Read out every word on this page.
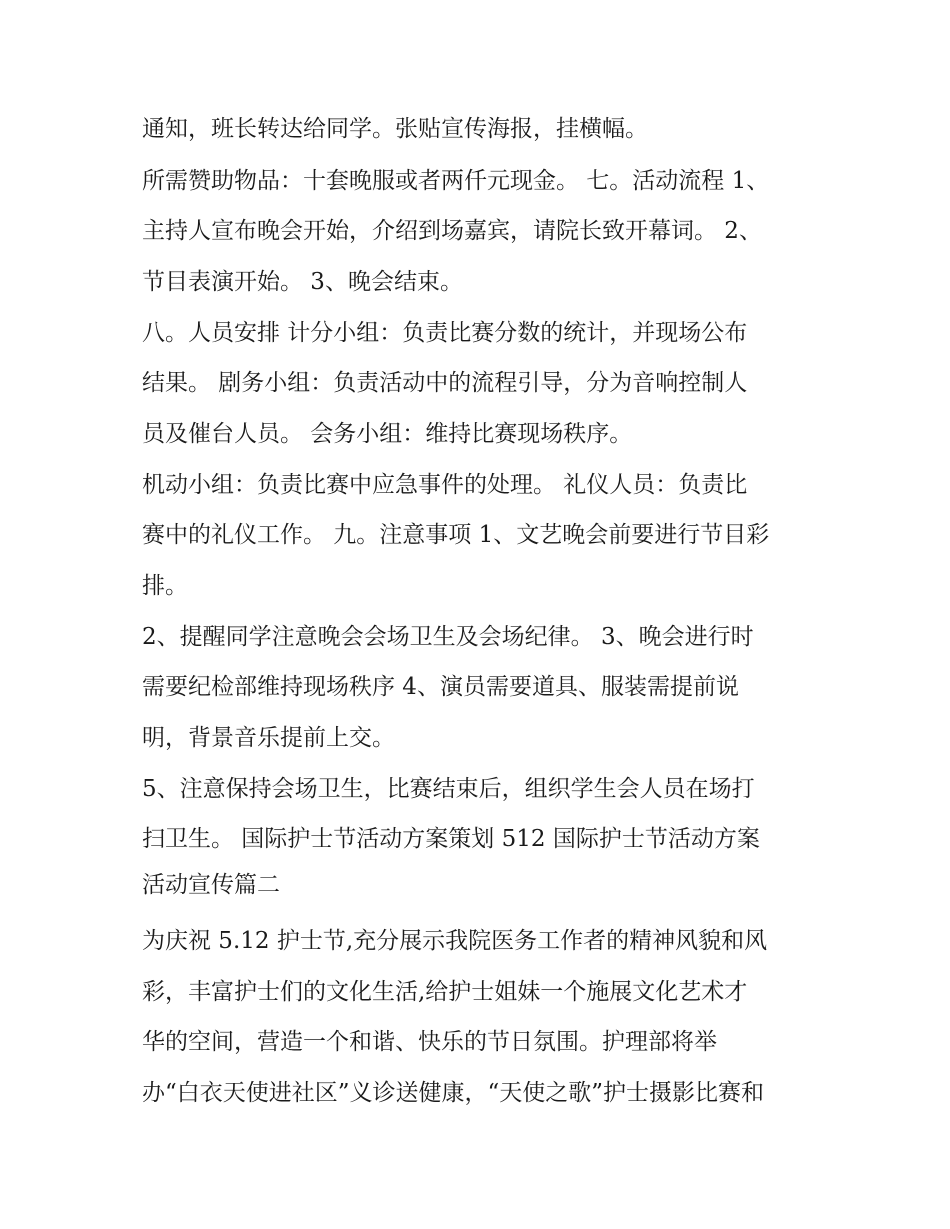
通知，班长转达给同学。张贴宣传海报，挂横幅。

所需赞助物品：十套晚服或者两仟元现金。 七。活动流程 1、

主持人宣布晚会开始，介绍到场嘉宾，请院长致开幕词。 2、

节目表演开始。 3、晚会结束。

八。人员安排 计分小组：负责比赛分数的统计，并现场公布

结果。 剧务小组：负责活动中的流程引导，分为音响控制人

员及催台人员。 会务小组：维持比赛现场秩序。

机动小组：负责比赛中应急事件的处理。 礼仪人员：负责比

赛中的礼仪工作。 九。注意事项 1、文艺晚会前要进行节目彩

排。

2、提醒同学注意晚会会场卫生及会场纪律。 3、晚会进行时

需要纪检部维持现场秩序 4、演员需要道具、服装需提前说

明，背景音乐提前上交。

5、注意保持会场卫生，比赛结束后，组织学生会人员在场打

扫卫生。 国际护士节活动方案策划 512 国际护士节活动方案

活动宣传篇二

为庆祝 5.12 护士节,充分展示我院医务工作者的精神风貌和风

彩，丰富护士们的文化生活,给护士姐妹一个施展文化艺术才

华的空间，营造一个和谐、快乐的节日氛围。护理部将举

办“白衣天使进社区”义诊送健康，“天使之歌”护士摄影比赛和
